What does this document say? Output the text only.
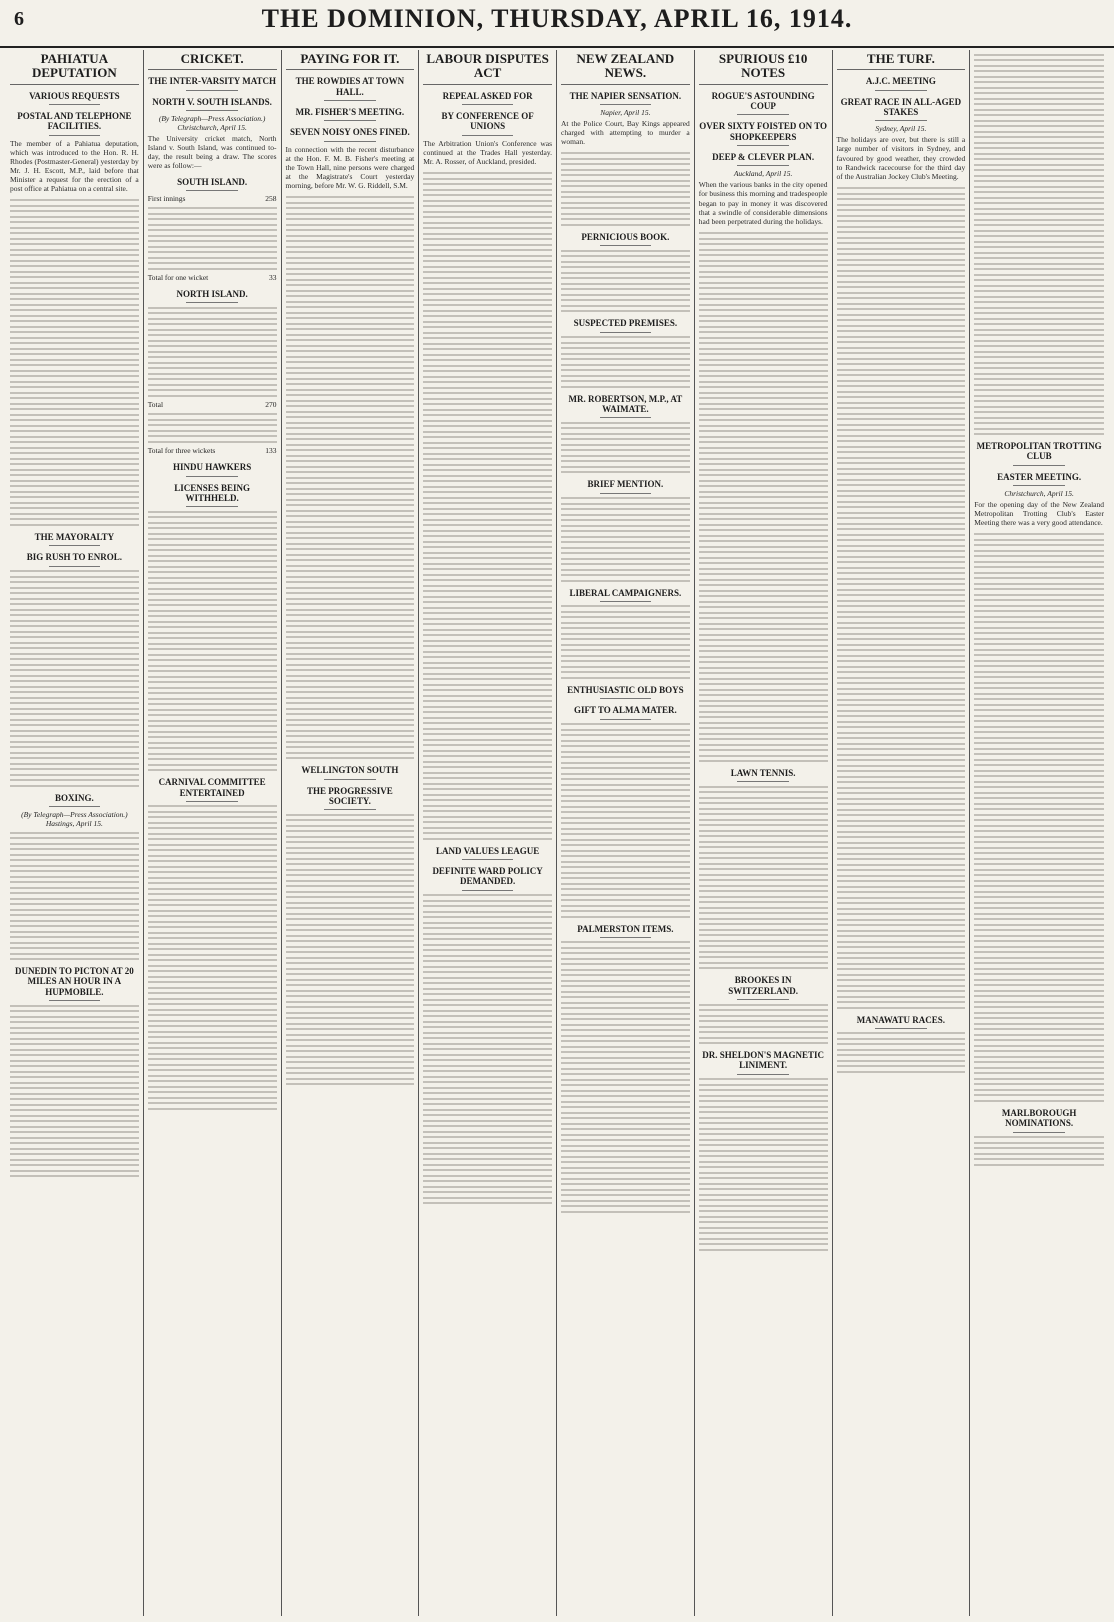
6	THE DOMINION, THURSDAY, APRIL 16, 1914.
PAHIATUA DEPUTATION
VARIOUS REQUESTS
POSTAL AND TELEPHONE FACILITIES.

The member of a Pahiatua deputation, which was introduced to the Hon. R. H. Rhodes (Postmaster-General) yesterday by Mr. J. H. Escott, M.P., laid before that Minister a request for the erection of a post office at Pahiatua on a central site.

THE MAYORALTY
BIG RUSH TO ENROL.
BOXING.
(By Telegraph—Press Association.) Hastings, April 15.
DUNEDIN TO PICTON AT 20 MILES AN HOUR IN A HUPMOBILE.
CRICKET.
THE INTER-VARSITY MATCH
NORTH V. SOUTH ISLANDS.
(By Telegraph—Press Association.) Christchurch, April 15.

The University cricket match, North Island v. South Island, was continued to-day, the result being a draw. The scores were as follow:—

SOUTH ISLAND.
First innings	258
Total for one wicket	33
NORTH ISLAND.
Total	270
Total for three wickets	133
HINDU HAWKERS
LICENSES BEING WITHHELD.
CARNIVAL COMMITTEE ENTERTAINED
PAYING FOR IT.
THE ROWDIES AT TOWN HALL.
MR. FISHER'S MEETING.
SEVEN NOISY ONES FINED.

In connection with the recent disturbance at the Hon. F. M. B. Fisher's meeting at the Town Hall, nine persons were charged at the Magistrate's Court yesterday morning, before Mr. W. G. Riddell, S.M.

WELLINGTON SOUTH
THE PROGRESSIVE SOCIETY.
LABOUR DISPUTES ACT
REPEAL ASKED FOR
BY CONFERENCE OF UNIONS

The Arbitration Union's Conference was continued at the Trades Hall yesterday. Mr. A. Rosser, of Auckland, presided.

LAND VALUES LEAGUE
DEFINITE WARD POLICY DEMANDED.
NEW ZEALAND NEWS.
THE NAPIER SENSATION.
Napier, April 15.

At the Police Court, Bay Kings appeared charged with attempting to murder a woman.

PERNICIOUS BOOK.
SUSPECTED PREMISES.
MR. ROBERTSON, M.P., AT WAIMATE.
BRIEF MENTION.
LIBERAL CAMPAIGNERS.
ENTHUSIASTIC OLD BOYS
GIFT TO ALMA MATER.
PALMERSTON ITEMS.
SPURIOUS £10 NOTES
ROGUE'S ASTOUNDING COUP
OVER SIXTY FOISTED ON TO SHOPKEEPERS
DEEP & CLEVER PLAN.
Auckland, April 15.

When the various banks in the city opened for business this morning and tradespeople began to pay in money it was discovered that a swindle of considerable dimensions had been perpetrated during the holidays.

LAWN TENNIS.
BROOKES IN SWITZERLAND.
DR. SHELDON'S MAGNETIC LINIMENT.
THE TURF.
A.J.C. MEETING
GREAT RACE IN ALL-AGED STAKES
Sydney, April 15.

The holidays are over, but there is still a large number of visitors in Sydney, and favoured by good weather, they crowded to Randwick racecourse for the third day of the Australian Jockey Club's Meeting.

MANAWATU RACES.
METROPOLITAN TROTTING CLUB
EASTER MEETING.
Christchurch, April 15.

For the opening day of the New Zealand Metropolitan Trotting Club's Easter Meeting there was a very good attendance.

MARLBOROUGH NOMINATIONS.
